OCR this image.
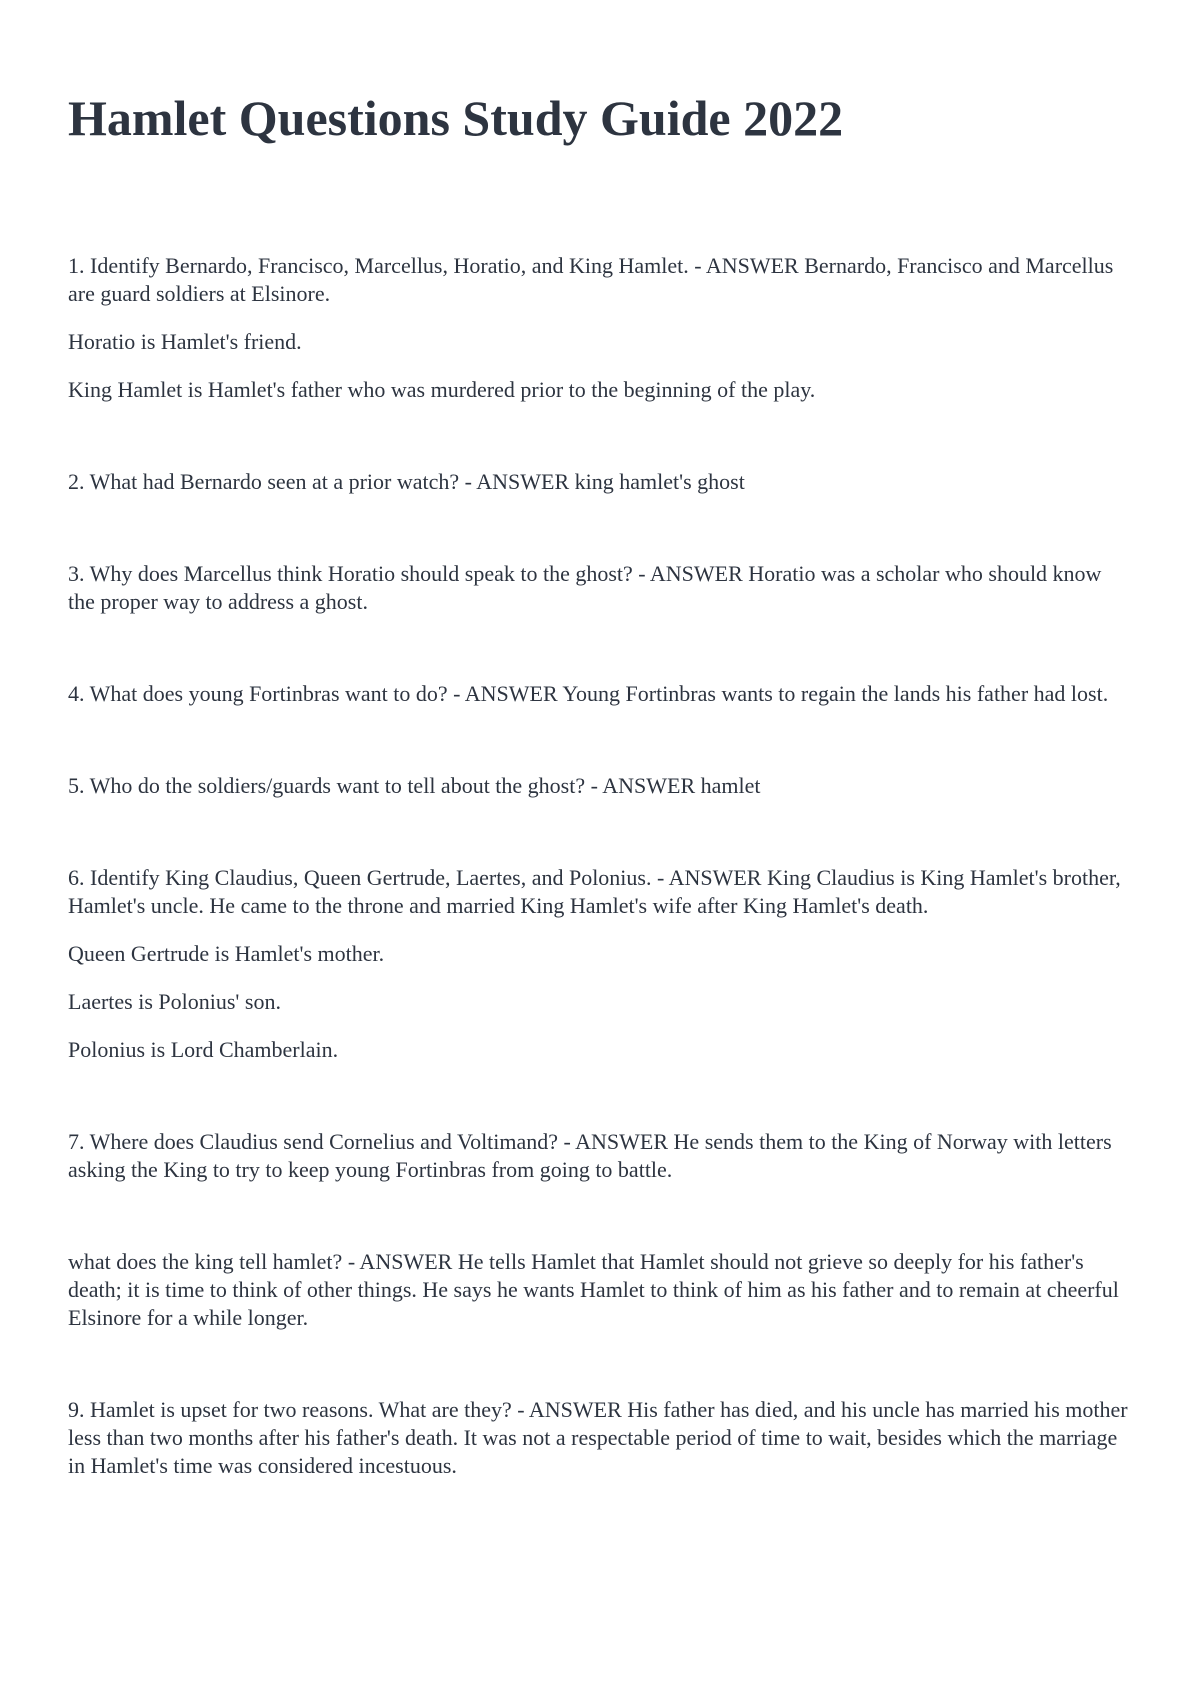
Hamlet Questions Study Guide 2022

1. Identify Bernardo, Francisco, Marcellus, Horatio, and King Hamlet. - ANSWER Bernardo, Francisco and Marcellus are guard soldiers at Elsinore.

Horatio is Hamlet's friend.

King Hamlet is Hamlet's father who was murdered prior to the beginning of the play.

2. What had Bernardo seen at a prior watch? - ANSWER king hamlet's ghost

3. Why does Marcellus think Horatio should speak to the ghost? - ANSWER Horatio was a scholar who should know the proper way to address a ghost.

4. What does young Fortinbras want to do? - ANSWER Young Fortinbras wants to regain the lands his father had lost.

5. Who do the soldiers/guards want to tell about the ghost? - ANSWER hamlet

6. Identify King Claudius, Queen Gertrude, Laertes, and Polonius. - ANSWER King Claudius is King Hamlet's brother, Hamlet's uncle. He came to the throne and married King Hamlet's wife after King Hamlet's death.

Queen Gertrude is Hamlet's mother.

Laertes is Polonius' son.

Polonius is Lord Chamberlain.

7. Where does Claudius send Cornelius and Voltimand? - ANSWER He sends them to the King of Norway with letters asking the King to try to keep young Fortinbras from going to battle.

what does the king tell hamlet? - ANSWER He tells Hamlet that Hamlet should not grieve so deeply for his father's death; it is time to think of other things. He says he wants Hamlet to think of him as his father and to remain at cheerful Elsinore for a while longer.

9. Hamlet is upset for two reasons. What are they? - ANSWER His father has died, and his uncle has married his mother less than two months after his father's death. It was not a respectable period of time to wait, besides which the marriage in Hamlet's time was considered incestuous.
